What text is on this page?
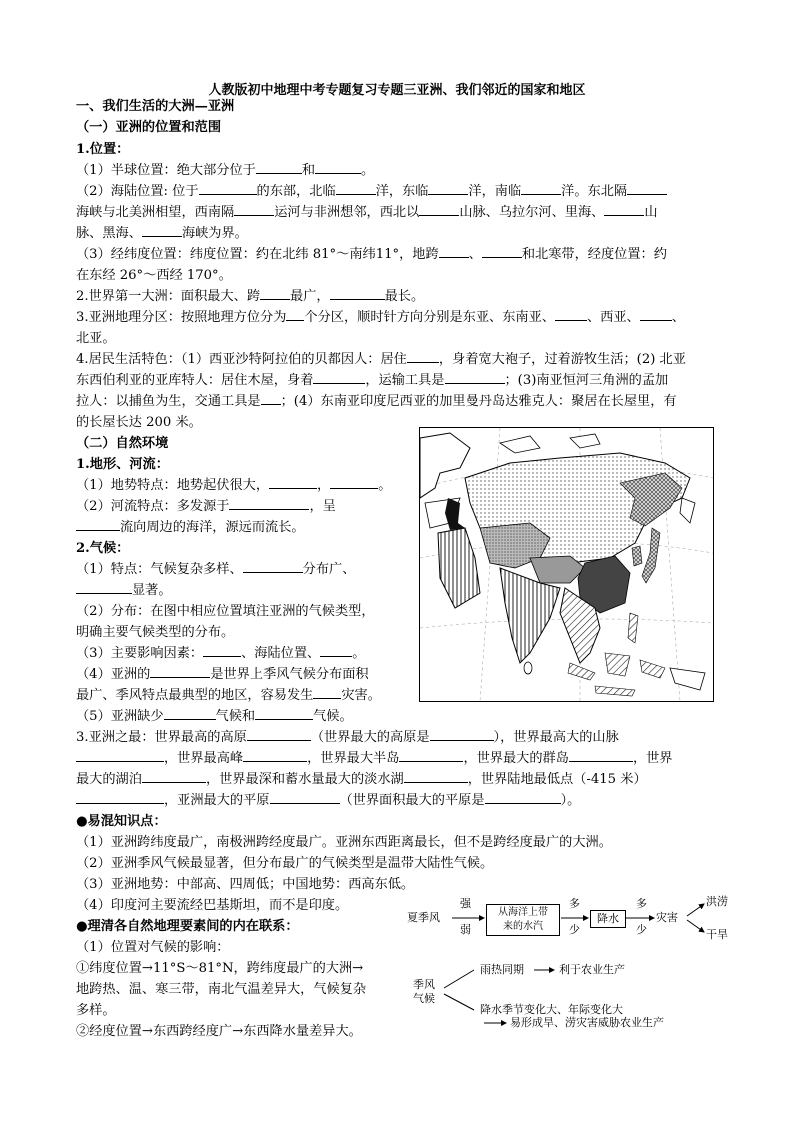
人教版初中地理中考专题复习专题三亚洲、我们邻近的国家和地区
一、我们生活的大洲—亚洲
（一）亚洲的位置和范围
1.位置：
（1）半球位置：绝大部分位于	和	。
（2）海陆位置: 位于	的东部，北临	洋，东临	洋，南临	洋。东北隔
海峡与北美洲相望，西南隔	运河与非洲想邻，西北以	山脉、乌拉尔河、里海、	山
脉、黑海、	海峡为界。
（3）经纬度位置：纬度位置：约在北纬 81°～南纬11°，地跨 、	和北寒带，经度位置：约
在东经 26°～西经 170°。
2.世界第一大洲：面积最大、跨 最广，	最长。
3.亚洲地理分区：按照地理方位分为 个分区，顺时针方向分别是东亚、东南亚、 、西亚、 、
北亚。
4.居民生活特色：（1）西亚沙特阿拉伯的贝都因人：居住 ，身着宽大袍子，过着游牧生活；(2) 北亚
东西伯利亚的亚库特人：居住木屋，身着	，运输工具是	；(3)南亚恒河三角洲的孟加
拉人：以捕鱼为生，交通工具是 ；(4）东南亚印度尼西亚的加里曼丹岛达雅克人：聚居在长屋里，有
的长屋长达 200 米。
（二）自然环境
1.地形、河流：
（1）地势特点：地势起伏很大，	，	。
（2）河流特点：多发源于	，呈
流向周边的海洋，源远而流长。
2.气候：
（1）特点：气候复杂多样、	分布广、
显著。
（2）分布：在图中相应位置填注亚洲的气候类型，
明确主要气候类型的分布。
（3）主要影响因素：	、海陆位置、 。
（4）亚洲的	是世界上季风气候分布面积
最广、季风特点最典型的地区，容易发生 灾害。
（5）亚洲缺少	气候和	气候。
3.亚洲之最：世界最高的高原	（世界最大的高原是	），世界最高大的山脉
，世界最高峰	，世界最大半岛	，世界最大的群岛	，世界
最大的湖泊	，世界最深和蓄水量最大的淡水湖	，世界陆地最低点（-415 米）
，亚洲最大的平原	（世界面积最大的平原是	）。
●易混知识点：
（1）亚洲跨纬度最广，南极洲跨经度最广。亚洲东西距离最长，但不是跨经度最广的大洲。
（2）亚洲季风气候最显著，但分布最广的气候类型是温带大陆性气候。
（3）亚洲地势：中部高、四周低；中国地势：西高东低。
（4）印度河主要流经巴基斯坦，而不是印度。
●理清各自然地理要素间的内在联系：
（1）位置对气候的影响：
①纬度位置→11°S～81°N，跨纬度最广的大洲→
地跨热、温、寒三带，南北气温差异大，气候复杂
多样。
②经度位置→东西跨经度广→东西降水量差异大。
夏季风
强
弱
从海洋上带
来的水汽
多
少
降水
多
少
灾害
洪涝
干旱
季风
气候
雨热同期	利于农业生产
降水季节变化大、年际变化大
易形成旱、涝灾害威胁农业生产
